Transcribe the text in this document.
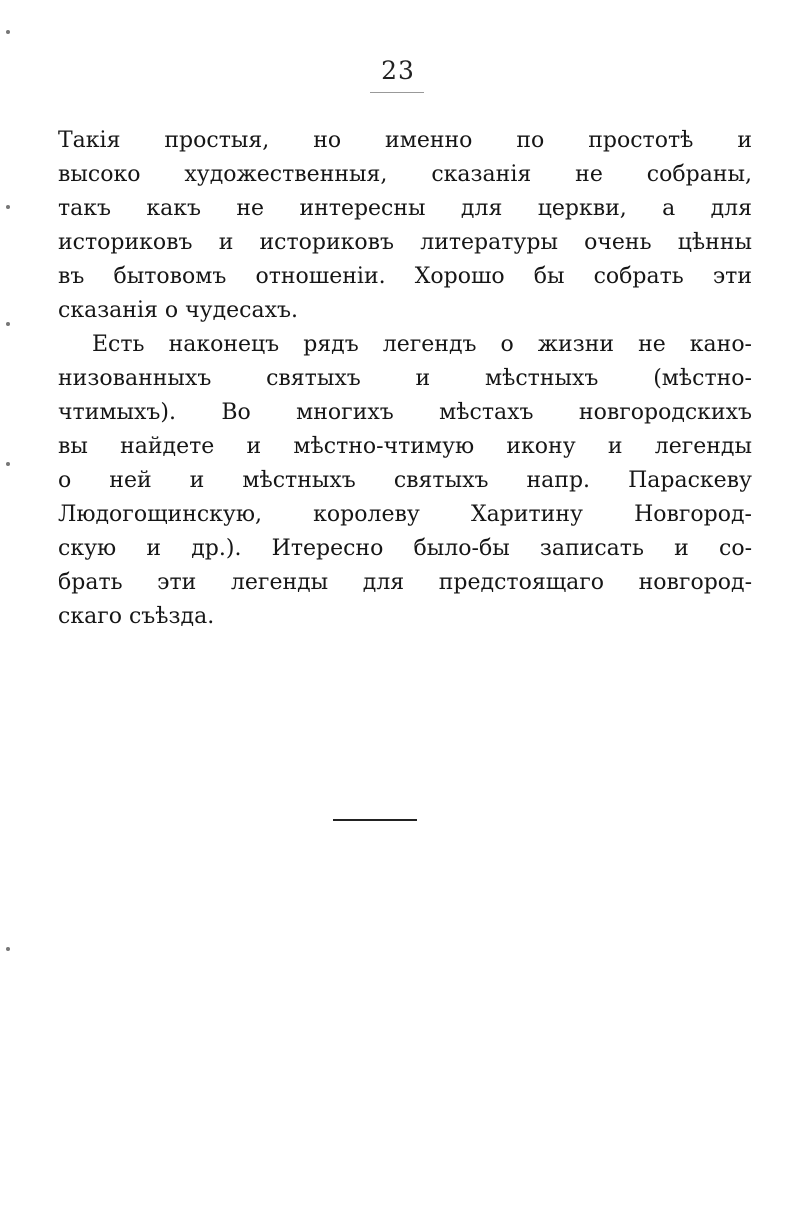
23
Такія простыя, но именно по простотѣ и
высоко художественныя, сказанія не собраны,
такъ какъ не интересны для церкви, а для
историковъ и историковъ литературы очень цѣнны
въ бытовомъ отношеніи. Хорошо бы собрать эти
сказанія о чудесахъ.
Есть наконецъ рядъ легендъ о жизни не кано-
низованныхъ святыхъ и мѣстныхъ (мѣстно-
чтимыхъ). Во многихъ мѣстахъ новгородскихъ
вы найдете и мѣстно-чтимую икону и легенды
о ней и мѣстныхъ святыхъ напр. Параскеву
Людогощинскую, королеву Харитину Новгород-
скую и др.). Итересно было-бы записать и со-
брать эти легенды для предстоящаго новгород-
скаго съѣзда.
